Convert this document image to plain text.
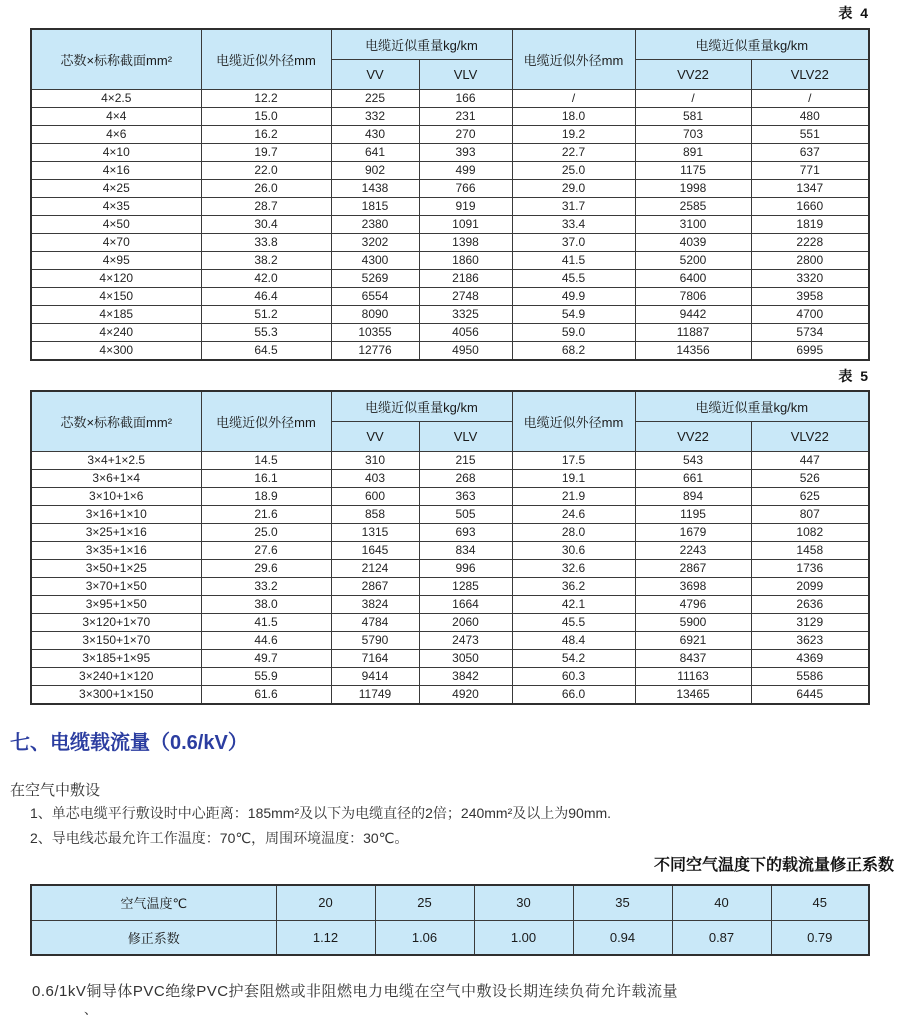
表 4
芯数×标称截面mm²	电缆近似外径mm	电缆近似重量kg/km		电缆近似外径mm	电缆近似重量kg/km	
		VV	VLV		VV22	VLV22
4×2.5	12.2	225	166	/	/	/
4×4	15.0	332	231	18.0	581	480
4×6	16.2	430	270	19.2	703	551
4×10	19.7	641	393	22.7	891	637
4×16	22.0	902	499	25.0	1175	771
4×25	26.0	1438	766	29.0	1998	1347
4×35	28.7	1815	919	31.7	2585	1660
4×50	30.4	2380	1091	33.4	3100	1819
4×70	33.8	3202	1398	37.0	4039	2228
4×95	38.2	4300	1860	41.5	5200	2800
4×120	42.0	5269	2186	45.5	6400	3320
4×150	46.4	6554	2748	49.9	7806	3958
4×185	51.2	8090	3325	54.9	9442	4700
4×240	55.3	10355	4056	59.0	11887	5734
4×300	64.5	12776	4950	68.2	14356	6995
表 5
芯数×标称截面mm²	电缆近似外径mm	电缆近似重量kg/km		电缆近似外径mm	电缆近似重量kg/km	
		VV	VLV		VV22	VLV22
3×4+1×2.5	14.5	310	215	17.5	543	447
3×6+1×4	16.1	403	268	19.1	661	526
3×10+1×6	18.9	600	363	21.9	894	625
3×16+1×10	21.6	858	505	24.6	1195	807
3×25+1×16	25.0	1315	693	28.0	1679	1082
3×35+1×16	27.6	1645	834	30.6	2243	1458
3×50+1×25	29.6	2124	996	32.6	2867	1736
3×70+1×50	33.2	2867	1285	36.2	3698	2099
3×95+1×50	38.0	3824	1664	42.1	4796	2636
3×120+1×70	41.5	4784	2060	45.5	5900	3129
3×150+1×70	44.6	5790	2473	48.4	6921	3623
3×185+1×95	49.7	7164	3050	54.2	8437	4369
3×240+1×120	55.9	9414	3842	60.3	11163	5586
3×300+1×150	61.6	11749	4920	66.0	13465	6445
七、电缆载流量（0.6/kV）
在空气中敷设
1、单芯电缆平行敷设时中心距离：185mm²及以下为电缆直径的2倍；240mm²及以上为90mm.
2、导电线芯最允许工作温度：70℃，周围环境温度：30℃。
不同空气温度下的载流量修正系数
空气温度℃	20	25	30	35	40	45
修正系数	1.12	1.06	1.00	0.94	0.87	0.79
0.6/1kV铜导体PVC绝缘PVC护套阻燃或非阻燃电力电缆在空气中敷设长期连续负荷允许载流量
、
